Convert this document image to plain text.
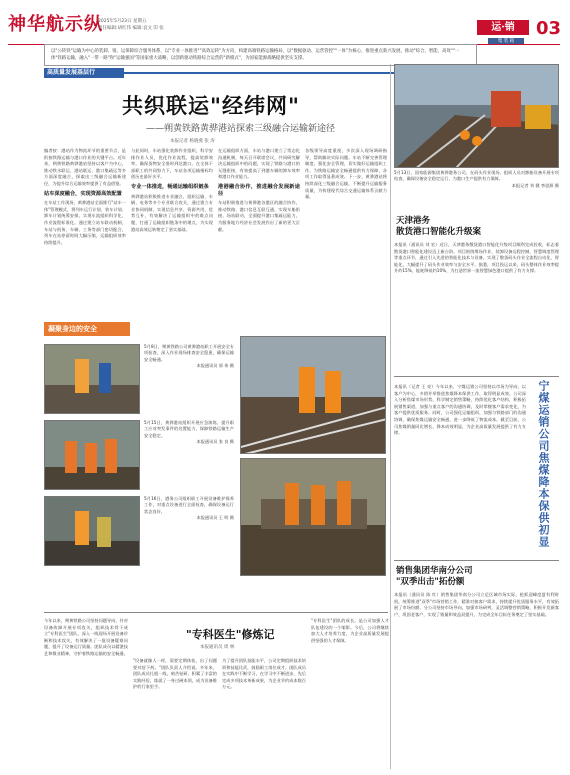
神华航示纵
2025年5月23日 星期五
责任编辑:胡红伟 编辑:袁文 印 张	运·销	03
集 装 箱
以"公转铁"运输为中心的装卸、销、运保障综合服务体系，以"专业一体推进""高效运转"为方向，构建高端铁路运输格局，以"数据驱动、运营管控""一体"为核心，推进重点新兴发展，推动"综合、智能、高效""一体"铁路运输，融入"一带一路"和"运输强国"等国家重大战略，以创新驱动铁路综合运营的"新模式"，为国家能源战略提供坚实支撑。
高质量发展基层行
共织联运"经纬网"
——朔黄铁路黄骅港站探索三级融合运输新途径
本报记者 杨晓燕 张 涛
编者按：港站作为物流环节的重要节点，是衔接铁路运输与港口作业的关键平台。近年来，朔黄铁路黄骅港站坚持以客户为中心，推动铁水联运、港站联运、港口集疏运等多方面深度融合，探索出三级融合运输新途径，为提升综合运输效率提供了有益借鉴。
站车深度融合，实现资源高效配置
在车站工作现场，黄骅港站全面推行"站车一体"管理模式，将列车运行计划、装车计划、卸车计划统筹安排，实现车流组织科学化、作业流程标准化。通过建立站车联动机制，车站与机务、车辆、工务等部门密切配合，列车在站停留时间大幅压缩，运输组织效率持续提升。
与此同时，车站强化装卸作业组织，科学安排作业人员，优化作业流程，提高装卸效率，确保货物安全准时到达港口。在全体干部职工的共同努力下，车站各项运输指标均创历史最好水平。
专业一体推进，畅通运输组织链条
黄骅港站积极推进专业融合，组织运输、车辆、电务等多个专业联合攻关，通过建立专业协同机制，实现信息共享、资源共用、优势互补，有效解决了运输组织中的难点问题，打通了运输组织链条中的堵点，为实现港站高效运转奠定了坚实基础。
在运输组织方面，车站与港口建立了常态化沟通机制，每天召开联席会议，共同研究解决运输组织中的问题，实现了铁路与港口的无缝衔接，有效提高了到港车辆的卸车效率和港口作业能力。
港港融合协作，推进融合发展新途径
车站积极推进与黄骅港各港区的融合协作，推动铁路、港口信息互联互通，实现车船衔接、场站联动，全面提升港口集疏运能力，为服务地方经济社会发展作出了新的更大贡献。
各级领导高度重视，多次深入现场调研指导，帮助解决实际问题。车站不断完善管理制度，强化安全管理，切实做好运输组织工作，为铁路运输安全畅通提供有力保障，各项工作取得显著成效。下一步，黄骅港站将持续深化三级融合运输，不断提升运输服务质量，为构建现代综合交通运输体系贡献力量。
5月13日，国家能源集团黄骅港务公司，在码头作业现场，组织人员对卸船设备开展专项检查，确保设备安全稳定运行，为港口生产提供有力保障。
本报记者 刘 健 李思源 摄
天津港务
散货港口智能化升级案
本报讯（通讯员 刘 宏）近日，天津港务散货港口智能化升级项目顺利完成验收，标志着散货港口智能化建设迈上新台阶。项目围绕堆场作业、装卸设备远程控制、智慧调度管理等重点环节，通过引入先进的智能化技术与设备，实现了散货码头作业全流程自动化、智能化，大幅提升了码头作业效率与安全水平。据悉，项目投运以来，码头整体作业效率提升约15%，能耗降低约10%，为打造世界一流智慧绿色港口提供了有力支撑。
本报讯（记者 王 亮）今年以来，宁煤运销公司坚持以市场为导向，以客户为中心，多措并举推进焦煤降本保供工作，取得明显成效。公司深入分析焦煤市场形势，科学制定销售策略，持续优化客户结构，积极拓展销售渠道，加强与重点客户的沟通协调，及时掌握客户需求变化，为客户提供优质服务。同时，公司强化运输组织，加强与铁路部门的沟通协调，确保焦煤运输安全畅通，进一步降低了物流成本。截至目前，公司焦煤销量同比增长，降本成效明显，为企业高质量发展提供了有力支撑。	宁煤运销公司焦煤降本保供初显
凝聚身边的安全
5月8日，朔黄铁路公司黄骅港站职工开展安全专项检查，深入作业现场排查安全隐患，确保运输安全畅通。
本报通讯员 郭 伟 摄
5月15日，黄骅港站组织开展应急演练，提升职工应对突发事件的处置能力，保障铁路运输生产安全稳定。
本报通讯员 张 良 摄
5月16日，港务公司组织职工开展设备维护保养工作，对重点设备进行全面检查，确保设备运行状态良好。
本报通讯员 王 明 摄
今年以来，朔黄铁路公司坚持问题导向，针对设备故障开展专项攻关，组织技术骨干成立"专科医生"团队，深入一线现场开展设备诊断和技术攻关，有效解决了一批设备疑难问题，提升了设备运行质量。团队成员以精湛技艺和敬业精神，守护着铁路运输的安全畅通。
"专科医生"修炼记
本报通讯员 周 林
"设备就像人一样，需要定期体检，出了问题要对症下药。"团队负责人介绍说。多年来，团队成员扎根一线，刻苦钻研，积累了丰富的实践经验，练就了一身过硬本领，成为设备维护的行家里手。
为了提升团队技能水平，公司定期组织技术培训和技能比武，鼓励职工岗位成才。团队成员在实践中不断学习，在学习中不断进步，先后完成多项技术革新成果，为企业节约成本数百万元。
"专科医生"团队的成长，是公司加强人才队伍建设的一个缩影。今后，公司将继续加大人才培养力度，为企业高质量发展提供坚强的人才保障。
销售集团华南分公司
"双季出击"拓份额
本报讯（通讯员 陈 红）销售集团华南分公司立足区域市场实际，抢抓迎峰度夏有利时机，统筹推进"双季"市场营销工作，精准对接客户需求，持续提升优质服务水平，有效拓展了市场份额。分公司坚持市场导向，加强市场研判，灵活调整营销策略，积极开发新客户，巩固老客户，实现了销量和效益双提升，为完成全年目标任务奠定了坚实基础。
